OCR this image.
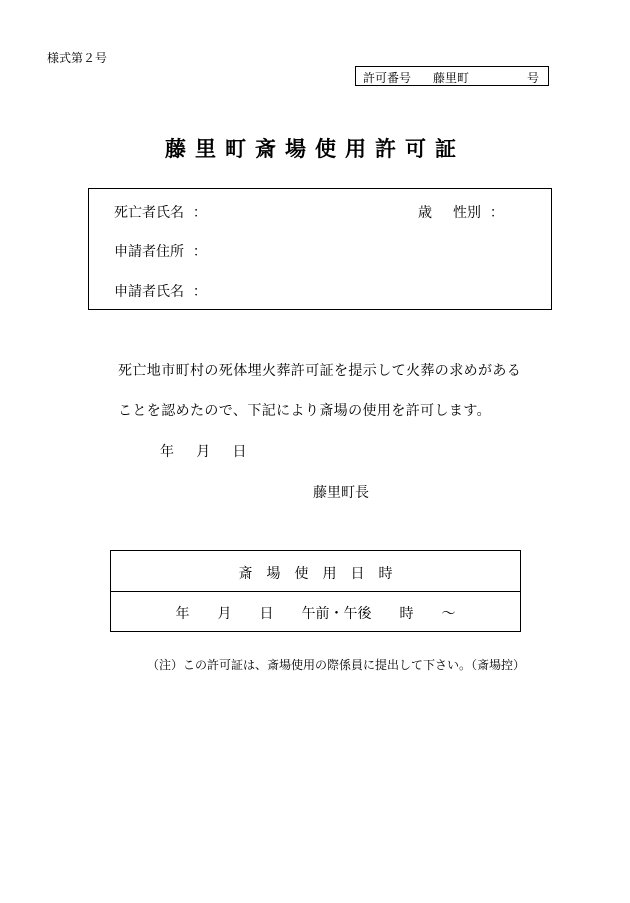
様式第２号
許可番号 藤里町	号
藤里町斎場使用許可証
死亡者氏名 ：	歳 性別 ：
申請者住所 ：
申請者氏名 ：
死亡地市町村の死体埋火葬許可証を提示して火葬の求めがある
ことを認めたので、下記により斎場の使用を許可します。
年 月 日
藤里町長
斎　場　使　用　日　時
年　　月　　日　　午前・午後　　時　　～
（注）この許可証は、斎場使用の際係員に提出して下さい。（斎場控）
